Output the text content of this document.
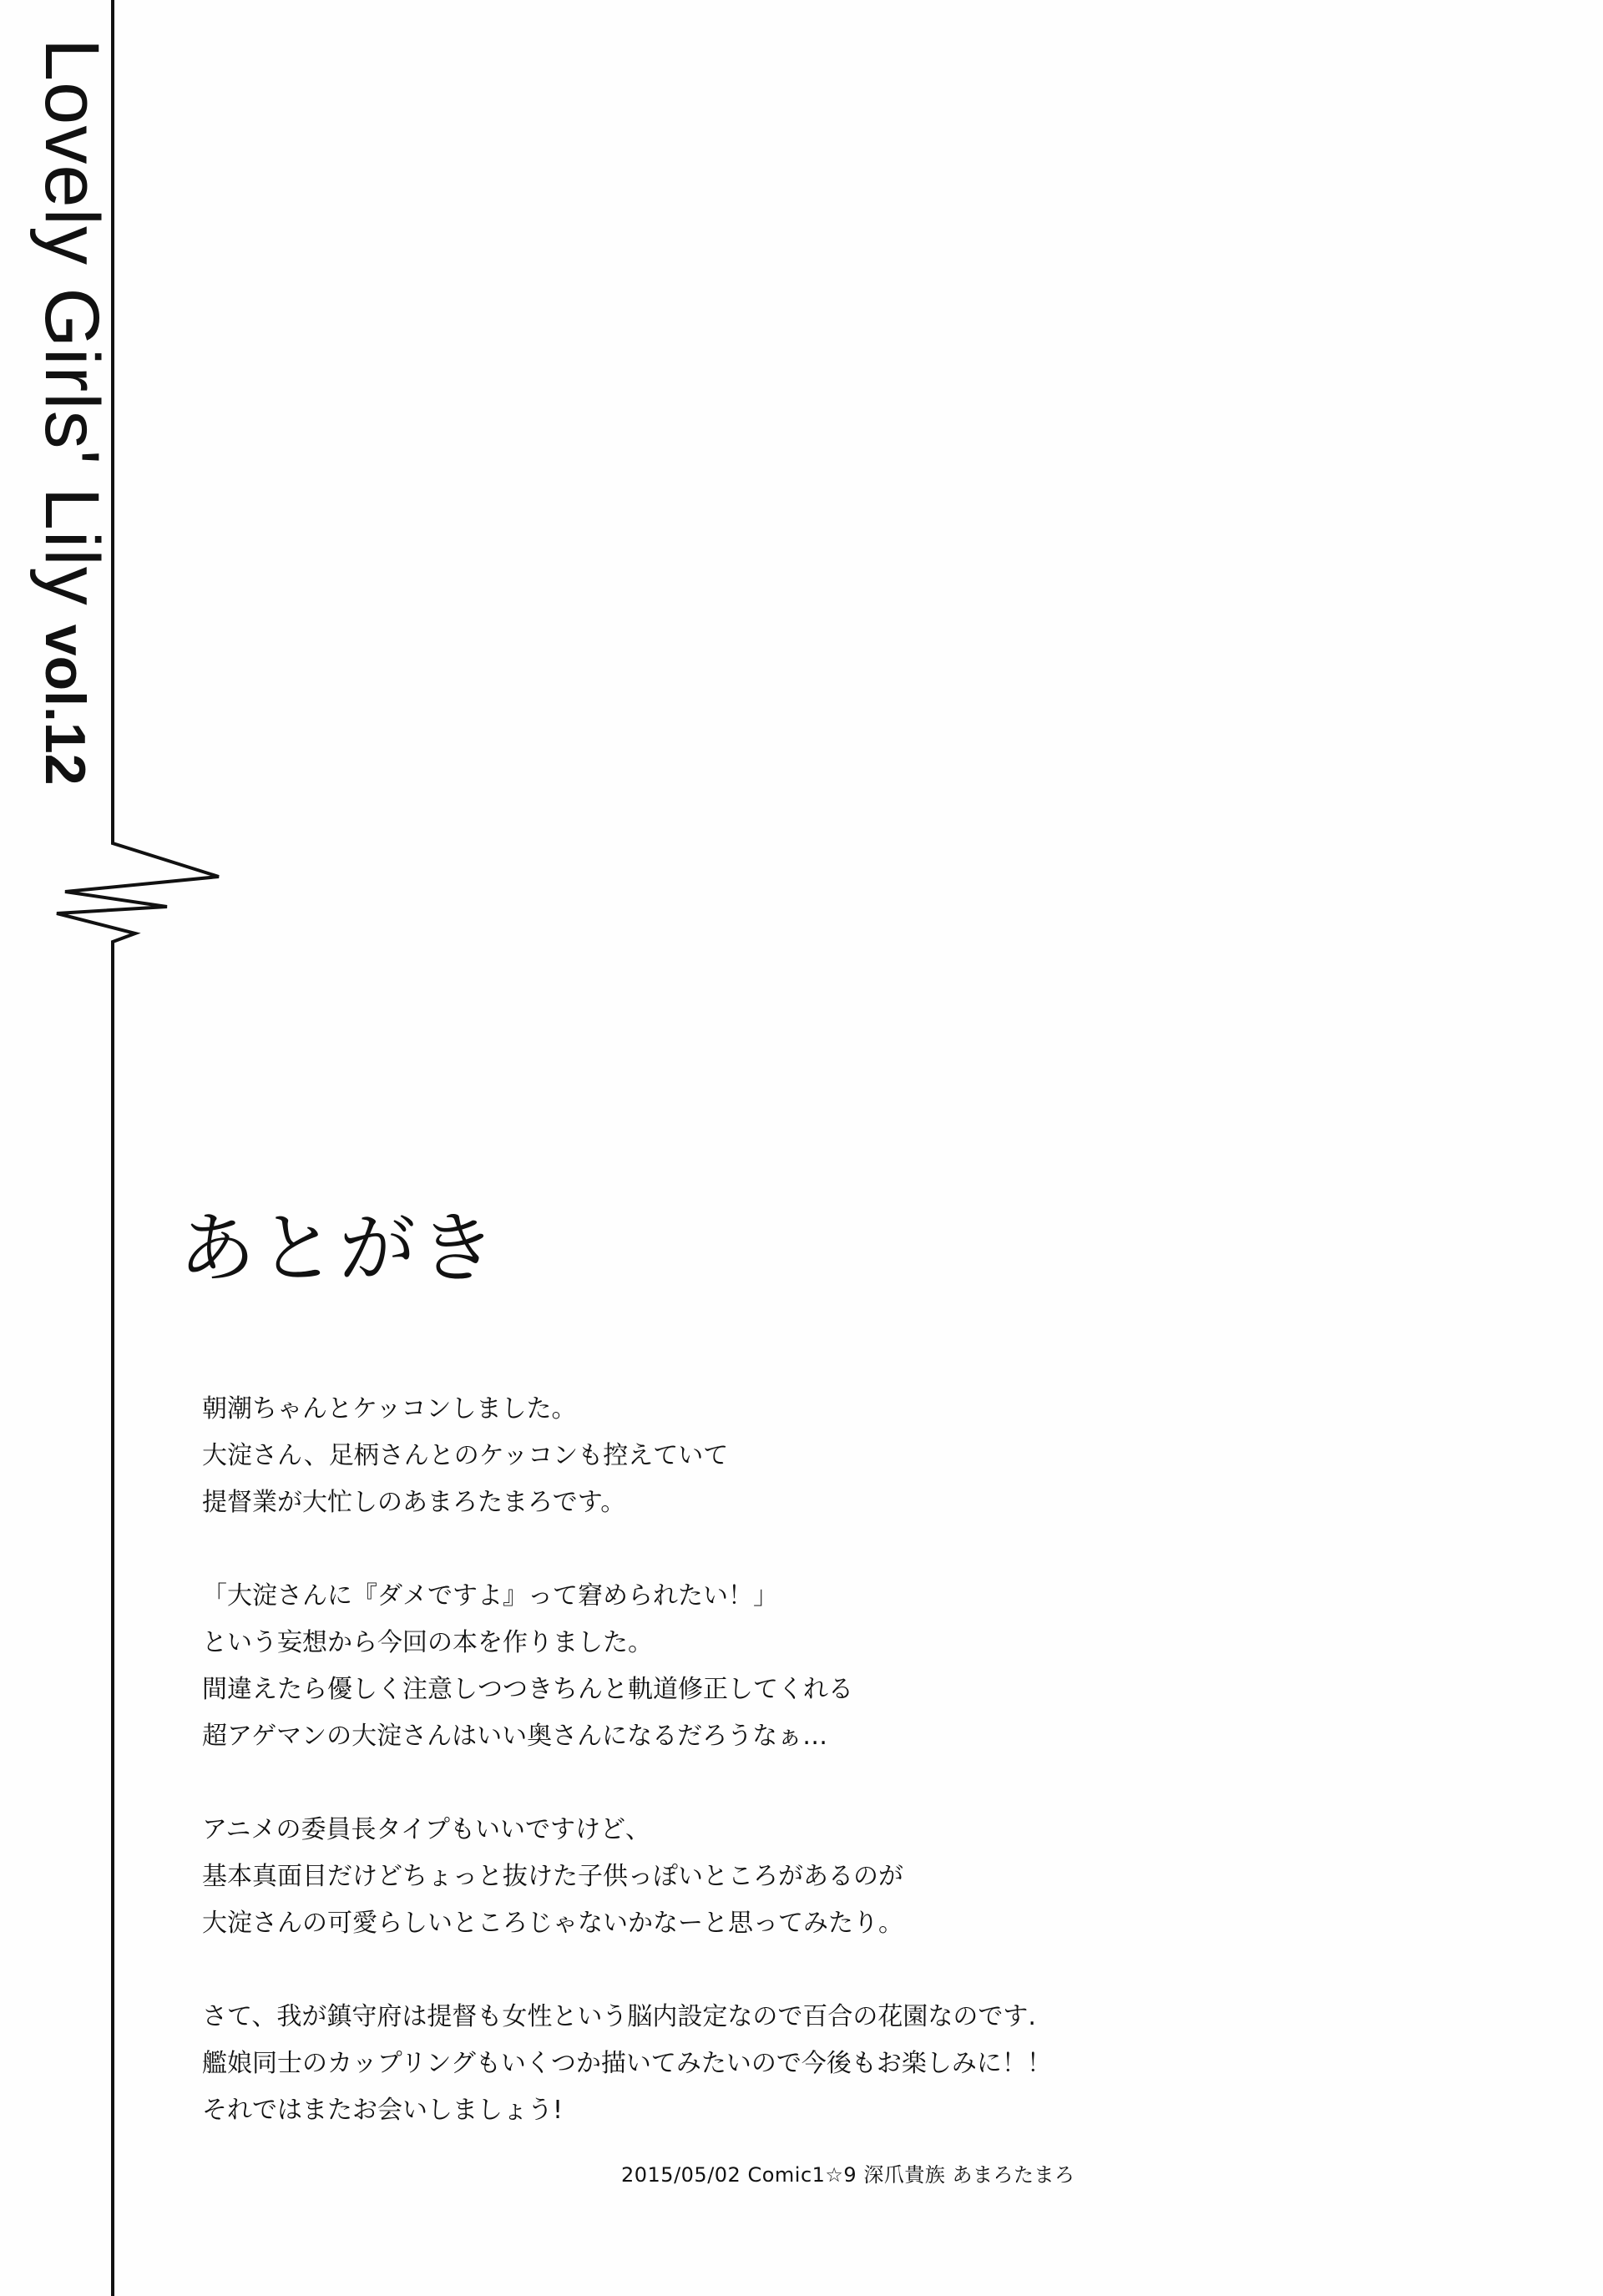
Lovely Girls' Lilyvol.12
あとがき

朝潮ちゃんとケッコンしました。
大淀さん、足柄さんとのケッコンも控えていて
提督業が大忙しのあまろたまろです。

「大淀さんに『ダメですよ』って窘められたい！」
という妄想から今回の本を作りました。
間違えたら優しく注意しつつきちんと軌道修正してくれる
超アゲマンの大淀さんはいい奥さんになるだろうなぁ…

アニメの委員長タイプもいいですけど、
基本真面目だけどちょっと抜けた子供っぽいところがあるのが
大淀さんの可愛らしいところじゃないかなーと思ってみたり。

さて、我が鎮守府は提督も女性という脳内設定なので百合の花園なのです.
艦娘同士のカップリングもいくつか描いてみたいので今後もお楽しみに！！
それではまたお会いしましょう!

2015/05/02 Comic1☆9 深爪貴族 あまろたまろ
